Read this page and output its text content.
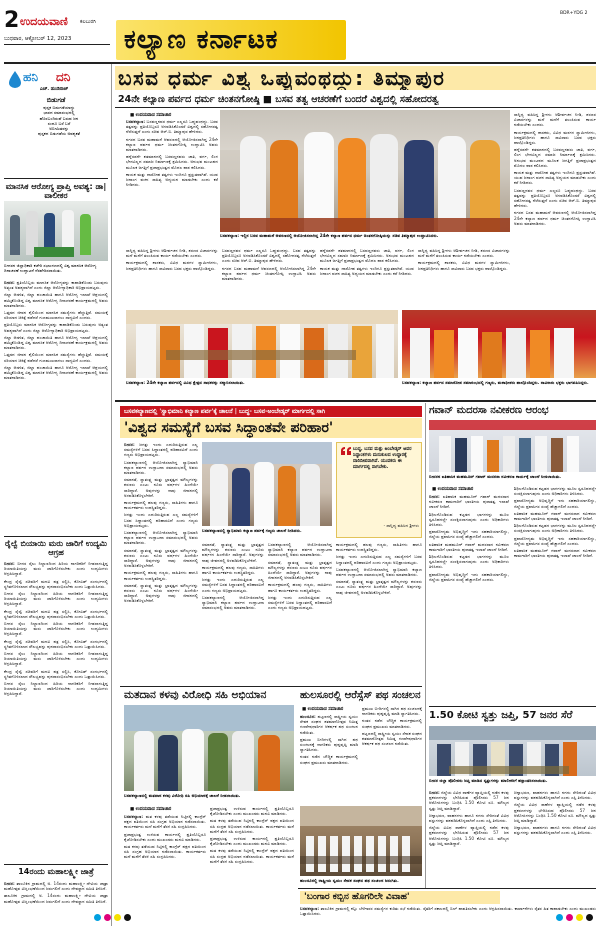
2 ಉದಯವಾಣಿ ಕಲಬುರಗಿ
ಬುಧವಾರ, ಆಕ್ಟೋಬರ್ 12, 2023 ಕಲ್ಯಾಣ ಕರ್ನಾಟಕ
BDR+YDG 2
ಹನಿ ದನಿ
ಎಚ್. ಡುಂಡಿರಾಜ್
ಬಿಡುಗಡೆ
ಪುಸ್ತಕ ಬಿಡುಗಡೆಯಾದ್ದು
ಭಾರದ ಸಮಾರಂಭದಲ್ಲಿ
ಹೊರಬಂದಿರುವೆ ಬರುವ ಜನ
ಸಂದೂ ಬರೆ ಬರೆ
ಅಬೀಮಿತರನ್ನು
ಪುಸ್ತಕದ ಬಿಡುಗಡೆಯ ಅವಶ್ಯಕತೆ
ಮಾನಸಿಕ ಆರೋಗ್ಯ ಪ್ರಾಪ್ತಿ ಅವಶ್ಯ: ಡಾ| ವಾಲೀಕರ
ಬೀದರನ ಜಿಲ್ಲಾಧಿಕಾರಿ ಕಚೇರಿ ಸಭಾಂಗಣದಲ್ಲಿ ವಿಶ್ವ ಮಾನಸಿಕ ಆರೋಗ್ಯ ದಿನಾಚರಣೆ ಉದ್ಘಾಟನೆ ನೆರವೇರಿಸಲಾಯಿತು.

ಬೀದರ: ಪ್ರತಿಯೊಬ್ಬರು ಮಾನಸಿಕ ಆರೋಗ್ಯವನ್ನು ಕಾಪಾಡಿಕೊಂಡು ಬರುವುದು ಅತ್ಯಂತ ಅವಶ್ಯವಾಗಿದೆ ಎಂದು ಜಿಲ್ಲಾ ಆರೋಗ್ಯಾಧಿಕಾರಿ ಅಭಿಪ್ರಾಯಪಟ್ಟರು.

ಜಿಲ್ಲಾ ಆಡಳಿತ, ಜಿಲ್ಲಾ ಪಂಚಾಯಿತಿ ಹಾಗೂ ಆರೋಗ್ಯ ಇಲಾಖೆ ಆಶ್ರಯದಲ್ಲಿ ಹಮ್ಮಿಕೊಂಡಿದ್ದ ವಿಶ್ವ ಮಾನಸಿಕ ಆರೋಗ್ಯ ದಿನಾಚರಣೆ ಕಾರ್ಯಕ್ರಮದಲ್ಲಿ ಅವರು ಮಾತನಾಡಿದರು.

ಒತ್ತಡದ ಜೀವನ ಶೈಲಿಯಿಂದ ಮಾನಸಿಕ ಸಮಸ್ಯೆಗಳು ಹೆಚ್ಚುತ್ತಿವೆ. ಸಮಯಕ್ಕೆ ಸರಿಯಾದ ಚಿಕಿತ್ಸೆ ಪಡೆದರೆ ಗುಣಮುಖರಾಗಲು ಸಾಧ್ಯವಿದೆ ಎಂದರು.

ಪ್ರತಿಯೊಬ್ಬರು ಮಾನಸಿಕ ಆರೋಗ್ಯವನ್ನು ಕಾಪಾಡಿಕೊಂಡು ಬರುವುದು ಅತ್ಯಂತ ಅವಶ್ಯವಾಗಿದೆ ಎಂದು ಜಿಲ್ಲಾ ಆರೋಗ್ಯಾಧಿಕಾರಿ ಅಭಿಪ್ರಾಯಪಟ್ಟರು.

ಜಿಲ್ಲಾ ಆಡಳಿತ, ಜಿಲ್ಲಾ ಪಂಚಾಯಿತಿ ಹಾಗೂ ಆರೋಗ್ಯ ಇಲಾಖೆ ಆಶ್ರಯದಲ್ಲಿ ಹಮ್ಮಿಕೊಂಡಿದ್ದ ವಿಶ್ವ ಮಾನಸಿಕ ಆರೋಗ್ಯ ದಿನಾಚರಣೆ ಕಾರ್ಯಕ್ರಮದಲ್ಲಿ ಅವರು ಮಾತನಾಡಿದರು.

ಒತ್ತಡದ ಜೀವನ ಶೈಲಿಯಿಂದ ಮಾನಸಿಕ ಸಮಸ್ಯೆಗಳು ಹೆಚ್ಚುತ್ತಿವೆ. ಸಮಯಕ್ಕೆ ಸರಿಯಾದ ಚಿಕಿತ್ಸೆ ಪಡೆದರೆ ಗುಣಮುಖರಾಗಲು ಸಾಧ್ಯವಿದೆ ಎಂದರು.

ಜಿಲ್ಲಾ ಆಡಳಿತ, ಜಿಲ್ಲಾ ಪಂಚಾಯಿತಿ ಹಾಗೂ ಆರೋಗ್ಯ ಇಲಾಖೆ ಆಶ್ರಯದಲ್ಲಿ ಹಮ್ಮಿಕೊಂಡಿದ್ದ ವಿಶ್ವ ಮಾನಸಿಕ ಆರೋಗ್ಯ ದಿನಾಚರಣೆ ಕಾರ್ಯಕ್ರಮದಲ್ಲಿ ಅವರು ಮಾತನಾಡಿದರು.

ರೈಲ್ವೆ ಬಿಯಾಯಿ ಮರು ಜಾರಿಗೆ ಉದ್ಯಮಿ ಆಗ್ರಹ

ಬೀದರ: ಬೀದರ ರೈಲು ನಿಲ್ದಾಣದಿಂದ ಹಿರಿಯ ನಾಗರಿಕರಿಗೆ ನೀಡಲಾಗುತ್ತಿದ್ದ ರಿಯಾಯಿತಿಯನ್ನು ಮರು ಜಾರಿಗೊಳಿಸಬೇಕು ಎಂದು ಉದ್ಯಮಿಗಳು ಆಗ್ರಹಿಸಿದ್ದಾರೆ.

ಕೇಂದ್ರ ರೈಲ್ವೆ ಸಚಿವರಿಗೆ ಮನವಿ ಪತ್ರ ಸಲ್ಲಿಸಿ, ಕೋವಿಡ್ ಸಂದರ್ಭದಲ್ಲಿ ಸ್ಥಗಿತಗೊಳಿಸಲಾದ ಸೌಲಭ್ಯವನ್ನು ಪುನರಾರಂಭಿಸಬೇಕು ಎಂದು ಒತ್ತಾಯಿಸಿದರು.

ಬೀದರ ರೈಲು ನಿಲ್ದಾಣದಿಂದ ಹಿರಿಯ ನಾಗರಿಕರಿಗೆ ನೀಡಲಾಗುತ್ತಿದ್ದ ರಿಯಾಯಿತಿಯನ್ನು ಮರು ಜಾರಿಗೊಳಿಸಬೇಕು ಎಂದು ಉದ್ಯಮಿಗಳು ಆಗ್ರಹಿಸಿದ್ದಾರೆ.

ಕೇಂದ್ರ ರೈಲ್ವೆ ಸಚಿವರಿಗೆ ಮನವಿ ಪತ್ರ ಸಲ್ಲಿಸಿ, ಕೋವಿಡ್ ಸಂದರ್ಭದಲ್ಲಿ ಸ್ಥಗಿತಗೊಳಿಸಲಾದ ಸೌಲಭ್ಯವನ್ನು ಪುನರಾರಂಭಿಸಬೇಕು ಎಂದು ಒತ್ತಾಯಿಸಿದರು.

ಬೀದರ ರೈಲು ನಿಲ್ದಾಣದಿಂದ ಹಿರಿಯ ನಾಗರಿಕರಿಗೆ ನೀಡಲಾಗುತ್ತಿದ್ದ ರಿಯಾಯಿತಿಯನ್ನು ಮರು ಜಾರಿಗೊಳಿಸಬೇಕು ಎಂದು ಉದ್ಯಮಿಗಳು ಆಗ್ರಹಿಸಿದ್ದಾರೆ.

ಕೇಂದ್ರ ರೈಲ್ವೆ ಸಚಿವರಿಗೆ ಮನವಿ ಪತ್ರ ಸಲ್ಲಿಸಿ, ಕೋವಿಡ್ ಸಂದರ್ಭದಲ್ಲಿ ಸ್ಥಗಿತಗೊಳಿಸಲಾದ ಸೌಲಭ್ಯವನ್ನು ಪುನರಾರಂಭಿಸಬೇಕು ಎಂದು ಒತ್ತಾಯಿಸಿದರು.

ಬೀದರ ರೈಲು ನಿಲ್ದಾಣದಿಂದ ಹಿರಿಯ ನಾಗರಿಕರಿಗೆ ನೀಡಲಾಗುತ್ತಿದ್ದ ರಿಯಾಯಿತಿಯನ್ನು ಮರು ಜಾರಿಗೊಳಿಸಬೇಕು ಎಂದು ಉದ್ಯಮಿಗಳು ಆಗ್ರಹಿಸಿದ್ದಾರೆ.

ಕೇಂದ್ರ ರೈಲ್ವೆ ಸಚಿವರಿಗೆ ಮನವಿ ಪತ್ರ ಸಲ್ಲಿಸಿ, ಕೋವಿಡ್ ಸಂದರ್ಭದಲ್ಲಿ ಸ್ಥಗಿತಗೊಳಿಸಲಾದ ಸೌಲಭ್ಯವನ್ನು ಪುನರಾರಂಭಿಸಬೇಕು ಎಂದು ಒತ್ತಾಯಿಸಿದರು.

ಬೀದರ ರೈಲು ನಿಲ್ದಾಣದಿಂದ ಹಿರಿಯ ನಾಗರಿಕರಿಗೆ ನೀಡಲಾಗುತ್ತಿದ್ದ ರಿಯಾಯಿತಿಯನ್ನು ಮರು ಜಾರಿಗೊಳಿಸಬೇಕು ಎಂದು ಉದ್ಯಮಿಗಳು ಆಗ್ರಹಿಸಿದ್ದಾರೆ.

14ರಂದು ಮಹಾಲಕ್ಷ್ಮೀ ಜಾತ್ರೆ

ಬೀದರ: ತಾಲೂಕಿನ ಗ್ರಾಮದಲ್ಲಿ ಅ. 14ರಂದು ಮಹಾಲಕ್ಷ್ಮೀ ದೇವಿಯ ಜಾತ್ರಾ ಮಹೋತ್ಸವ ವಿಜೃಂಭಣೆಯಿಂದ ಜರುಗಲಿದೆ ಎಂದು ದೇವಸ್ಥಾನ ಸಮಿತಿ ತಿಳಿಸಿದೆ.

ತಾಲೂಕಿನ ಗ್ರಾಮದಲ್ಲಿ ಅ. 14ರಂದು ಮಹಾಲಕ್ಷ್ಮೀ ದೇವಿಯ ಜಾತ್ರಾ ಮಹೋತ್ಸವ ವಿಜೃಂಭಣೆಯಿಂದ ಜರುಗಲಿದೆ ಎಂದು ದೇವಸ್ಥಾನ ಸಮಿತಿ ತಿಳಿಸಿದೆ.

ಬಸವ ಧರ್ಮ ವಿಶ್ವ ಒಪ್ಪುವಂಥದ್ದು: ತಿಮ್ಮಾಪುರ
24ನೇ ಕಲ್ಯಾಣ ಪರ್ವದ ಧರ್ಮ ಚಿಂತನಗೋಷ್ಠಿ ■ ಬಸವ ತತ್ವ ಆಚರಣೆಗೆ ಬಂದರೆ ವಿಶ್ವದಲ್ಲಿ ಸಹೋದರತ್ವ
■ ಉದಯವಾಣಿ ಸಮಾಚಾರ

ಬಸವಕಲ್ಯಾಣ: ಬಸವಣ್ಣನವರ ಧರ್ಮ ಎಲ್ಲರೂ ಒಪ್ಪುವಂಥದ್ದು. ಬಸವ ತತ್ವವನ್ನು ಪ್ರತಿಯೊಬ್ಬರೂ ಅಳವಡಿಸಿಕೊಂಡರೆ ವಿಶ್ವದಲ್ಲಿ ಸಹೋದರತ್ವ ನೆಲೆಸುತ್ತದೆ ಎಂದು ಸಚಿವ ಆರ್.ಬಿ. ತಿಮ್ಮಾಪುರ ಹೇಳಿದರು.

ನಗರದ ಬಸವ ಮಹಾಮನೆ ಆವರಣದಲ್ಲಿ ಆಯೋಜಿಸಲಾಗಿದ್ದ 24ನೇ ಕಲ್ಯಾಣ ಪರ್ವದ ಧರ್ಮ ಚಿಂತನಗೋಷ್ಠಿ ಉದ್ಘಾಟಿಸಿ ಅವರು ಮಾತನಾಡಿದರು.

ಹನ್ನೆರಡನೇ ಶತಮಾನದಲ್ಲಿ ಬಸವಣ್ಣನವರು ಜಾತಿ, ವರ್ಗ, ಲಿಂಗ ಭೇದವಿಲ್ಲದ ಸಮಾಜ ನಿರ್ಮಾಣಕ್ಕೆ ಶ್ರಮಿಸಿದರು. ಅನುಭವ ಮಂಟಪದ ಮೂಲಕ ಜಗತ್ತಿಗೆ ಪ್ರಜಾಪ್ರಭುತ್ವದ ಮೊದಲ ಪಾಠ ಕಲಿಸಿದರು.

ಕಾಯಕ ಮತ್ತು ದಾಸೋಹ ತತ್ವಗಳು ಇಂದಿಗೂ ಪ್ರಸ್ತುತವಾಗಿವೆ. ಯುವ ಜನಾಂಗ ವಚನ ಸಾಹಿತ್ಯ ಅಧ್ಯಯನ ಮಾಡಬೇಕು ಎಂದು ಕರೆ ನೀಡಿದರು.

ಸಾನ್ನಿಧ್ಯ ವಹಿಸಿದ್ದ ಶ್ರೀಗಳು ಆಶೀರ್ವಚನ ನೀಡಿ, ಶರಣರ ವಿಚಾರಗಳನ್ನು ಮನೆ ಮನೆಗೆ ತಲುಪಿಸುವ ಕಾರ್ಯ ನಡೆಯಬೇಕು ಎಂದರು.

ಕಾರ್ಯಕ್ರಮದಲ್ಲಿ ಶಾಸಕರು, ವಿವಿಧ ಮಠಗಳ ಸ್ವಾಮೀಜಿಗಳು, ಜನಪ್ರತಿನಿಧಿಗಳು ಹಾಗೂ ಸಾವಿರಾರು ಬಸವ ಭಕ್ತರು ಪಾಲ್ಗೊಂಡಿದ್ದರು.

ಹನ್ನೆರಡನೇ ಶತಮಾನದಲ್ಲಿ ಬಸವಣ್ಣನವರು ಜಾತಿ, ವರ್ಗ, ಲಿಂಗ ಭೇದವಿಲ್ಲದ ಸಮಾಜ ನಿರ್ಮಾಣಕ್ಕೆ ಶ್ರಮಿಸಿದರು. ಅನುಭವ ಮಂಟಪದ ಮೂಲಕ ಜಗತ್ತಿಗೆ ಪ್ರಜಾಪ್ರಭುತ್ವದ ಮೊದಲ ಪಾಠ ಕಲಿಸಿದರು.

ಕಾಯಕ ಮತ್ತು ದಾಸೋಹ ತತ್ವಗಳು ಇಂದಿಗೂ ಪ್ರಸ್ತುತವಾಗಿವೆ. ಯುವ ಜನಾಂಗ ವಚನ ಸಾಹಿತ್ಯ ಅಧ್ಯಯನ ಮಾಡಬೇಕು ಎಂದು ಕರೆ ನೀಡಿದರು.

ಬಸವಣ್ಣನವರ ಧರ್ಮ ಎಲ್ಲರೂ ಒಪ್ಪುವಂಥದ್ದು. ಬಸವ ತತ್ವವನ್ನು ಪ್ರತಿಯೊಬ್ಬರೂ ಅಳವಡಿಸಿಕೊಂಡರೆ ವಿಶ್ವದಲ್ಲಿ ಸಹೋದರತ್ವ ನೆಲೆಸುತ್ತದೆ ಎಂದು ಸಚಿವ ಆರ್.ಬಿ. ತಿಮ್ಮಾಪುರ ಹೇಳಿದರು.

ನಗರದ ಬಸವ ಮಹಾಮನೆ ಆವರಣದಲ್ಲಿ ಆಯೋಜಿಸಲಾಗಿದ್ದ 24ನೇ ಕಲ್ಯಾಣ ಪರ್ವದ ಧರ್ಮ ಚಿಂತನಗೋಷ್ಠಿ ಉದ್ಘಾಟಿಸಿ ಅವರು ಮಾತನಾಡಿದರು.

ಬಸವಕಲ್ಯಾಣ: ಇಲ್ಲಿನ ಬಸವ ಮಹಾಮನೆ ಆವರಣದಲ್ಲಿ ಆಯೋಜಿಸಲಾಗಿದ್ದ 24ನೇ ಕಲ್ಯಾಣ ಪರ್ವದ ಧರ್ಮ ಚಿಂತನಗೋಷ್ಠಿಯನ್ನು ಸಚಿವ ತಿಮ್ಮಾಪುರ ಉದ್ಘಾಟಿಸಿದರು.

ಸಾನ್ನಿಧ್ಯ ವಹಿಸಿದ್ದ ಶ್ರೀಗಳು ಆಶೀರ್ವಚನ ನೀಡಿ, ಶರಣರ ವಿಚಾರಗಳನ್ನು ಮನೆ ಮನೆಗೆ ತಲುಪಿಸುವ ಕಾರ್ಯ ನಡೆಯಬೇಕು ಎಂದರು.

ಕಾರ್ಯಕ್ರಮದಲ್ಲಿ ಶಾಸಕರು, ವಿವಿಧ ಮಠಗಳ ಸ್ವಾಮೀಜಿಗಳು, ಜನಪ್ರತಿನಿಧಿಗಳು ಹಾಗೂ ಸಾವಿರಾರು ಬಸವ ಭಕ್ತರು ಪಾಲ್ಗೊಂಡಿದ್ದರು.

ಬಸವಣ್ಣನವರ ಧರ್ಮ ಎಲ್ಲರೂ ಒಪ್ಪುವಂಥದ್ದು. ಬಸವ ತತ್ವವನ್ನು ಪ್ರತಿಯೊಬ್ಬರೂ ಅಳವಡಿಸಿಕೊಂಡರೆ ವಿಶ್ವದಲ್ಲಿ ಸಹೋದರತ್ವ ನೆಲೆಸುತ್ತದೆ ಎಂದು ಸಚಿವ ಆರ್.ಬಿ. ತಿಮ್ಮಾಪುರ ಹೇಳಿದರು.

ನಗರದ ಬಸವ ಮಹಾಮನೆ ಆವರಣದಲ್ಲಿ ಆಯೋಜಿಸಲಾಗಿದ್ದ 24ನೇ ಕಲ್ಯಾಣ ಪರ್ವದ ಧರ್ಮ ಚಿಂತನಗೋಷ್ಠಿ ಉದ್ಘಾಟಿಸಿ ಅವರು ಮಾತನಾಡಿದರು.

ಹನ್ನೆರಡನೇ ಶತಮಾನದಲ್ಲಿ ಬಸವಣ್ಣನವರು ಜಾತಿ, ವರ್ಗ, ಲಿಂಗ ಭೇದವಿಲ್ಲದ ಸಮಾಜ ನಿರ್ಮಾಣಕ್ಕೆ ಶ್ರಮಿಸಿದರು. ಅನುಭವ ಮಂಟಪದ ಮೂಲಕ ಜಗತ್ತಿಗೆ ಪ್ರಜಾಪ್ರಭುತ್ವದ ಮೊದಲ ಪಾಠ ಕಲಿಸಿದರು.

ಕಾಯಕ ಮತ್ತು ದಾಸೋಹ ತತ್ವಗಳು ಇಂದಿಗೂ ಪ್ರಸ್ತುತವಾಗಿವೆ. ಯುವ ಜನಾಂಗ ವಚನ ಸಾಹಿತ್ಯ ಅಧ್ಯಯನ ಮಾಡಬೇಕು ಎಂದು ಕರೆ ನೀಡಿದರು.

ಸಾನ್ನಿಧ್ಯ ವಹಿಸಿದ್ದ ಶ್ರೀಗಳು ಆಶೀರ್ವಚನ ನೀಡಿ, ಶರಣರ ವಿಚಾರಗಳನ್ನು ಮನೆ ಮನೆಗೆ ತಲುಪಿಸುವ ಕಾರ್ಯ ನಡೆಯಬೇಕು ಎಂದರು.

ಕಾರ್ಯಕ್ರಮದಲ್ಲಿ ಶಾಸಕರು, ವಿವಿಧ ಮಠಗಳ ಸ್ವಾಮೀಜಿಗಳು, ಜನಪ್ರತಿನಿಧಿಗಳು ಹಾಗೂ ಸಾವಿರಾರು ಬಸವ ಭಕ್ತರು ಪಾಲ್ಗೊಂಡಿದ್ದರು.

ಬಸವಕಲ್ಯಾಣ: 24ನೇ ಕಲ್ಯಾಣ ಪರ್ವದಲ್ಲಿ ವಿವಿಧ ಕ್ಷೇತ್ರದ ಸಾಧಕರನ್ನು ಸನ್ಮಾನಿಸಲಾಯಿತು.	ಬಸವಕಲ್ಯಾಣ: ಕಲ್ಯಾಣ ಪರ್ವದ ಸಮಾರೋಪ ಸಮಾರಂಭದಲ್ಲಿ ಗಣ್ಯರು, ಮಠಾಧೀಶರು ಪಾಲ್ಗೊಂಡಿದ್ದರು. ಸಾವಿರಾರು ಭಕ್ತರು ಭಾಗವಹಿಸಿದ್ದರು.
ಬಸವಕಲ್ಯಾಣದಲ್ಲಿ 'ಸ್ವಾಭಿಮಾನಿ ಕಲ್ಯಾಣ ಪರ್ವ'ಕ್ಕೆ ಚಾಲನೆ | ಬುದ್ಧ- ಬಸವ-ಅಂಬೇಡ್ಕರ್ ಮಾರ್ಗದಲ್ಲಿ ಸಾಗಿ
'ವಿಶ್ವದ ಸಮಸ್ಯೆಗೆ ಬಸವ ಸಿದ್ಧಾಂತವೇ ಪರಿಹಾರ'

ಬೀದರ: ಜಗತ್ತು ಇಂದು ಎದುರಿಸುತ್ತಿರುವ ಎಲ್ಲ ಸಮಸ್ಯೆಗಳಿಗೆ ಬಸವ ಸಿದ್ಧಾಂತದಲ್ಲಿ ಪರಿಹಾರವಿದೆ ಎಂದು ಗಣ್ಯರು ಅಭಿಪ್ರಾಯಪಟ್ಟರು.

ಬಸವಕಲ್ಯಾಣದಲ್ಲಿ ಆಯೋಜಿಸಲಾಗಿದ್ದ ಸ್ವಾಭಿಮಾನಿ ಕಲ್ಯಾಣ ಪರ್ವದ ಉದ್ಘಾಟನಾ ಸಮಾರಂಭದಲ್ಲಿ ಅವರು ಮಾತನಾಡಿದರು.

ಸಮಾನತೆ, ಸ್ವಾತಂತ್ರ್ಯ ಮತ್ತು ಭ್ರಾತೃತ್ವದ ಮೌಲ್ಯಗಳನ್ನು ಶರಣರು ಎಂಟು ನೂರು ವರ್ಷಗಳ ಹಿಂದೆಯೇ ಸಾರಿದ್ದಾರೆ. ಅವುಗಳನ್ನು ನಾವು ಜೀವನದಲ್ಲಿ ಅಳವಡಿಸಿಕೊಳ್ಳಬೇಕಿದೆ.

ಕಾರ್ಯಕ್ರಮದಲ್ಲಿ ಹಲವು ಗಣ್ಯರು, ಸಾಹಿತಿಗಳು ಹಾಗೂ ಕಾರ್ಯಕರ್ತರು ಉಪಸ್ಥಿತರಿದ್ದರು.

ಜಗತ್ತು ಇಂದು ಎದುರಿಸುತ್ತಿರುವ ಎಲ್ಲ ಸಮಸ್ಯೆಗಳಿಗೆ ಬಸವ ಸಿದ್ಧಾಂತದಲ್ಲಿ ಪರಿಹಾರವಿದೆ ಎಂದು ಗಣ್ಯರು ಅಭಿಪ್ರಾಯಪಟ್ಟರು.

ಬಸವಕಲ್ಯಾಣದಲ್ಲಿ ಆಯೋಜಿಸಲಾಗಿದ್ದ ಸ್ವಾಭಿಮಾನಿ ಕಲ್ಯಾಣ ಪರ್ವದ ಉದ್ಘಾಟನಾ ಸಮಾರಂಭದಲ್ಲಿ ಅವರು ಮಾತನಾಡಿದರು.

ಸಮಾನತೆ, ಸ್ವಾತಂತ್ರ್ಯ ಮತ್ತು ಭ್ರಾತೃತ್ವದ ಮೌಲ್ಯಗಳನ್ನು ಶರಣರು ಎಂಟು ನೂರು ವರ್ಷಗಳ ಹಿಂದೆಯೇ ಸಾರಿದ್ದಾರೆ. ಅವುಗಳನ್ನು ನಾವು ಜೀವನದಲ್ಲಿ ಅಳವಡಿಸಿಕೊಳ್ಳಬೇಕಿದೆ.

ಕಾರ್ಯಕ್ರಮದಲ್ಲಿ ಹಲವು ಗಣ್ಯರು, ಸಾಹಿತಿಗಳು ಹಾಗೂ ಕಾರ್ಯಕರ್ತರು ಉಪಸ್ಥಿತರಿದ್ದರು.

ಸಮಾನತೆ, ಸ್ವಾತಂತ್ರ್ಯ ಮತ್ತು ಭ್ರಾತೃತ್ವದ ಮೌಲ್ಯಗಳನ್ನು ಶರಣರು ಎಂಟು ನೂರು ವರ್ಷಗಳ ಹಿಂದೆಯೇ ಸಾರಿದ್ದಾರೆ. ಅವುಗಳನ್ನು ನಾವು ಜೀವನದಲ್ಲಿ ಅಳವಡಿಸಿಕೊಳ್ಳಬೇಕಿದೆ.

ಬಸವಕಲ್ಯಾಣದಲ್ಲಿ ಸ್ವಾಭಿಮಾನಿ ಕಲ್ಯಾಣ ಪರ್ವಕ್ಕೆ ಗಣ್ಯರು ಚಾಲನೆ ನೀಡಿದರು.
ಬುದ್ಧ, ಬಸವ ಮತ್ತು ಅಂಬೇಡ್ಕರ್ ಅವರ ಸಿದ್ಧಾಂತಗಳು ಮನುಕುಲದ ಉದ್ಧಾರಕ್ಕೆ ದಾರಿದೀಪವಾಗಿವೆ. ಯುವಕರು ಈ ಮಾರ್ಗದಲ್ಲಿ ಸಾಗಬೇಕು.
- ಸಾನ್ನಿಧ್ಯ ವಹಿಸಿದ ಶ್ರೀಗಳು

ಸಮಾನತೆ, ಸ್ವಾತಂತ್ರ್ಯ ಮತ್ತು ಭ್ರಾತೃತ್ವದ ಮೌಲ್ಯಗಳನ್ನು ಶರಣರು ಎಂಟು ನೂರು ವರ್ಷಗಳ ಹಿಂದೆಯೇ ಸಾರಿದ್ದಾರೆ. ಅವುಗಳನ್ನು ನಾವು ಜೀವನದಲ್ಲಿ ಅಳವಡಿಸಿಕೊಳ್ಳಬೇಕಿದೆ.

ಕಾರ್ಯಕ್ರಮದಲ್ಲಿ ಹಲವು ಗಣ್ಯರು, ಸಾಹಿತಿಗಳು ಹಾಗೂ ಕಾರ್ಯಕರ್ತರು ಉಪಸ್ಥಿತರಿದ್ದರು.

ಜಗತ್ತು ಇಂದು ಎದುರಿಸುತ್ತಿರುವ ಎಲ್ಲ ಸಮಸ್ಯೆಗಳಿಗೆ ಬಸವ ಸಿದ್ಧಾಂತದಲ್ಲಿ ಪರಿಹಾರವಿದೆ ಎಂದು ಗಣ್ಯರು ಅಭಿಪ್ರಾಯಪಟ್ಟರು.

ಬಸವಕಲ್ಯಾಣದಲ್ಲಿ ಆಯೋಜಿಸಲಾಗಿದ್ದ ಸ್ವಾಭಿಮಾನಿ ಕಲ್ಯಾಣ ಪರ್ವದ ಉದ್ಘಾಟನಾ ಸಮಾರಂಭದಲ್ಲಿ ಅವರು ಮಾತನಾಡಿದರು.

ಬಸವಕಲ್ಯಾಣದಲ್ಲಿ ಆಯೋಜಿಸಲಾಗಿದ್ದ ಸ್ವಾಭಿಮಾನಿ ಕಲ್ಯಾಣ ಪರ್ವದ ಉದ್ಘಾಟನಾ ಸಮಾರಂಭದಲ್ಲಿ ಅವರು ಮಾತನಾಡಿದರು.

ಸಮಾನತೆ, ಸ್ವಾತಂತ್ರ್ಯ ಮತ್ತು ಭ್ರಾತೃತ್ವದ ಮೌಲ್ಯಗಳನ್ನು ಶರಣರು ಎಂಟು ನೂರು ವರ್ಷಗಳ ಹಿಂದೆಯೇ ಸಾರಿದ್ದಾರೆ. ಅವುಗಳನ್ನು ನಾವು ಜೀವನದಲ್ಲಿ ಅಳವಡಿಸಿಕೊಳ್ಳಬೇಕಿದೆ.

ಕಾರ್ಯಕ್ರಮದಲ್ಲಿ ಹಲವು ಗಣ್ಯರು, ಸಾಹಿತಿಗಳು ಹಾಗೂ ಕಾರ್ಯಕರ್ತರು ಉಪಸ್ಥಿತರಿದ್ದರು.

ಜಗತ್ತು ಇಂದು ಎದುರಿಸುತ್ತಿರುವ ಎಲ್ಲ ಸಮಸ್ಯೆಗಳಿಗೆ ಬಸವ ಸಿದ್ಧಾಂತದಲ್ಲಿ ಪರಿಹಾರವಿದೆ ಎಂದು ಗಣ್ಯರು ಅಭಿಪ್ರಾಯಪಟ್ಟರು.

ಕಾರ್ಯಕ್ರಮದಲ್ಲಿ ಹಲವು ಗಣ್ಯರು, ಸಾಹಿತಿಗಳು ಹಾಗೂ ಕಾರ್ಯಕರ್ತರು ಉಪಸ್ಥಿತರಿದ್ದರು.

ಜಗತ್ತು ಇಂದು ಎದುರಿಸುತ್ತಿರುವ ಎಲ್ಲ ಸಮಸ್ಯೆಗಳಿಗೆ ಬಸವ ಸಿದ್ಧಾಂತದಲ್ಲಿ ಪರಿಹಾರವಿದೆ ಎಂದು ಗಣ್ಯರು ಅಭಿಪ್ರಾಯಪಟ್ಟರು.

ಬಸವಕಲ್ಯಾಣದಲ್ಲಿ ಆಯೋಜಿಸಲಾಗಿದ್ದ ಸ್ವಾಭಿಮಾನಿ ಕಲ್ಯಾಣ ಪರ್ವದ ಉದ್ಘಾಟನಾ ಸಮಾರಂಭದಲ್ಲಿ ಅವರು ಮಾತನಾಡಿದರು.

ಸಮಾನತೆ, ಸ್ವಾತಂತ್ರ್ಯ ಮತ್ತು ಭ್ರಾತೃತ್ವದ ಮೌಲ್ಯಗಳನ್ನು ಶರಣರು ಎಂಟು ನೂರು ವರ್ಷಗಳ ಹಿಂದೆಯೇ ಸಾರಿದ್ದಾರೆ. ಅವುಗಳನ್ನು ನಾವು ಜೀವನದಲ್ಲಿ ಅಳವಡಿಸಿಕೊಳ್ಳಬೇಕಿದೆ.

ಮತದಾನ ಕಳವು ವಿರೋಧಿ ಸಹಿ ಅಭಿಯಾನ
ಬಸವಕಲ್ಯಾಣದಲ್ಲಿ ಮತದಾನ ಕಳವು ವಿರೋಧಿ ಸಹಿ ಅಭಿಯಾನಕ್ಕೆ ಚಾಲನೆ ನೀಡಲಾಯಿತು.
■ ಉದಯವಾಣಿ ಸಮಾಚಾರ

ಬಸವಕಲ್ಯಾಣ: ಮತ ಕಳವು ತಡೆಯುವ ನಿಟ್ಟಿನಲ್ಲಿ ಕಾಂಗ್ರೆಸ್ ಪಕ್ಷದ ವತಿಯಿಂದ ಸಹಿ ಸಂಗ್ರಹ ಅಭಿಯಾನ ನಡೆಸಲಾಯಿತು. ಕಾರ್ಯಕರ್ತರು ಮನೆ ಮನೆಗೆ ತೆರಳಿ ಸಹಿ ಸಂಗ್ರಹಿಸಿದರು.

ಪ್ರಜಾಪ್ರಭುತ್ವ ಉಳಿಸುವ ಕಾರ್ಯದಲ್ಲಿ ಪ್ರತಿಯೊಬ್ಬರೂ ಕೈಜೋಡಿಸಬೇಕು ಎಂದು ಮುಖಂಡರು ಮನವಿ ಮಾಡಿದರು.

ಮತ ಕಳವು ತಡೆಯುವ ನಿಟ್ಟಿನಲ್ಲಿ ಕಾಂಗ್ರೆಸ್ ಪಕ್ಷದ ವತಿಯಿಂದ ಸಹಿ ಸಂಗ್ರಹ ಅಭಿಯಾನ ನಡೆಸಲಾಯಿತು. ಕಾರ್ಯಕರ್ತರು ಮನೆ ಮನೆಗೆ ತೆರಳಿ ಸಹಿ ಸಂಗ್ರಹಿಸಿದರು.

ಪ್ರಜಾಪ್ರಭುತ್ವ ಉಳಿಸುವ ಕಾರ್ಯದಲ್ಲಿ ಪ್ರತಿಯೊಬ್ಬರೂ ಕೈಜೋಡಿಸಬೇಕು ಎಂದು ಮುಖಂಡರು ಮನವಿ ಮಾಡಿದರು.

ಮತ ಕಳವು ತಡೆಯುವ ನಿಟ್ಟಿನಲ್ಲಿ ಕಾಂಗ್ರೆಸ್ ಪಕ್ಷದ ವತಿಯಿಂದ ಸಹಿ ಸಂಗ್ರಹ ಅಭಿಯಾನ ನಡೆಸಲಾಯಿತು. ಕಾರ್ಯಕರ್ತರು ಮನೆ ಮನೆಗೆ ತೆರಳಿ ಸಹಿ ಸಂಗ್ರಹಿಸಿದರು.

ಪ್ರಜಾಪ್ರಭುತ್ವ ಉಳಿಸುವ ಕಾರ್ಯದಲ್ಲಿ ಪ್ರತಿಯೊಬ್ಬರೂ ಕೈಜೋಡಿಸಬೇಕು ಎಂದು ಮುಖಂಡರು ಮನವಿ ಮಾಡಿದರು.

ಮತ ಕಳವು ತಡೆಯುವ ನಿಟ್ಟಿನಲ್ಲಿ ಕಾಂಗ್ರೆಸ್ ಪಕ್ಷದ ವತಿಯಿಂದ ಸಹಿ ಸಂಗ್ರಹ ಅಭಿಯಾನ ನಡೆಸಲಾಯಿತು. ಕಾರ್ಯಕರ್ತರು ಮನೆ ಮನೆಗೆ ತೆರಳಿ ಸಹಿ ಸಂಗ್ರಹಿಸಿದರು.

ಹುಲಸೂರಲ್ಲಿ ಆರೆಸ್ಸೆಸ್ ಪಥ ಸಂಚಲನ
■ ಉದಯವಾಣಿ ಸಮಾಚಾರ

ಹುಲಸೂರ: ಪಟ್ಟಣದಲ್ಲಿ ರಾಷ್ಟ್ರೀಯ ಸ್ವಯಂ ಸೇವಕ ಸಂಘದ ಶತಮಾನೋತ್ಸವ ನಿಮಿತ್ತ ಗಣವೇಷಧಾರಿಗಳ ಆಕರ್ಷಕ ಪಥ ಸಂಚಲನ ನಡೆಯಿತು.

ಪ್ರಮುಖ ಬೀದಿಗಳಲ್ಲಿ ಸಾಗಿದ ಪಥ ಸಂಚಲನಕ್ಕೆ ನಾಗರಿಕರು ಪುಷ್ಪವೃಷ್ಟಿ ಮಾಡಿ ಸ್ವಾಗತಿಸಿದರು.

ನಂತರ ನಡೆದ ಬೌದ್ಧಿಕ ಕಾರ್ಯಕ್ರಮದಲ್ಲಿ ಸಂಘದ ಪ್ರಮುಖರು ಮಾತನಾಡಿದರು.

ಪ್ರಮುಖ ಬೀದಿಗಳಲ್ಲಿ ಸಾಗಿದ ಪಥ ಸಂಚಲನಕ್ಕೆ ನಾಗರಿಕರು ಪುಷ್ಪವೃಷ್ಟಿ ಮಾಡಿ ಸ್ವಾಗತಿಸಿದರು.

ನಂತರ ನಡೆದ ಬೌದ್ಧಿಕ ಕಾರ್ಯಕ್ರಮದಲ್ಲಿ ಸಂಘದ ಪ್ರಮುಖರು ಮಾತನಾಡಿದರು.

ಪಟ್ಟಣದಲ್ಲಿ ರಾಷ್ಟ್ರೀಯ ಸ್ವಯಂ ಸೇವಕ ಸಂಘದ ಶತಮಾನೋತ್ಸವ ನಿಮಿತ್ತ ಗಣವೇಷಧಾರಿಗಳ ಆಕರ್ಷಕ ಪಥ ಸಂಚಲನ ನಡೆಯಿತು.

ಹುಲಸೂರಲ್ಲಿ ರಾಷ್ಟ್ರೀಯ ಸ್ವಯಂ ಸೇವಕ ಸಂಘದ ಪಥ ಸಂಚಲನ ಜರುಗಿತು.
'ಬಂಗಾರ ಕಬ್ಬಿನ ಹೊಗರಿಲೇ ವಿವಾಹ'

ಬಸವಕಲ್ಯಾಣ: ತಾಲೂಕಿನ ಗ್ರಾಮದಲ್ಲಿ ಕಬ್ಬು ಬೆಳೆಗಾರರ ಸಮಸ್ಯೆಗಳ ಕುರಿತು ಸಭೆ ನಡೆಯಿತು. ರೈತರಿಗೆ ಸಕಾಲದಲ್ಲಿ ಬಿಲ್ ಪಾವತಿಸಬೇಕು ಎಂದು ಆಗ್ರಹಿಸಲಾಯಿತು. ಕಾರ್ಖಾನೆಗಳು ರೈತರ ಹಿತ ಕಾಪಾಡಬೇಕು ಎಂದು ಮುಖಂಡರು ಒತ್ತಾಯಿಸಿದರು.

ಗವಾನ್ ಮದರಸಾ ನವೀಕರಣ ಆರಂಭ
ಬೀದರನ ಐತಿಹಾಸಿಕ ಮಹಮೂದ್ ಗವಾನ್ ಮದರಸಾ ನವೀಕರಣ ಕಾರ್ಯಕ್ಕೆ ಚಾಲನೆ ನೀಡಲಾಯಿತು.
■ ಉದಯವಾಣಿ ಸಮಾಚಾರ

ಬೀದರ: ಐತಿಹಾಸಿಕ ಮಹಮೂದ್ ಗವಾನ್ ಮದರಸಾದ ನವೀಕರಣ ಕಾಮಗಾರಿಗೆ ಭಾರತೀಯ ಪುರಾತತ್ವ ಇಲಾಖೆ ಚಾಲನೆ ನೀಡಿದೆ.

ಶಿಥಿಲಗೊಂಡಿರುವ ಕಟ್ಟಡದ ಭಾಗಗಳನ್ನು ಮೂಲ ಸ್ವರೂಪದಲ್ಲೇ ಸಂರಕ್ಷಿಸಲಾಗುವುದು ಎಂದು ಅಧಿಕಾರಿಗಳು ತಿಳಿಸಿದರು.

ಪ್ರವಾಸೋದ್ಯಮ ಅಭಿವೃದ್ಧಿಗೆ ಇದು ಸಹಕಾರಿಯಾಗಲಿದ್ದು, ಜಿಲ್ಲೆಯ ಪ್ರವಾಸಿಗರ ಸಂಖ್ಯೆ ಹೆಚ್ಚಾಗಲಿದೆ ಎಂದರು.

ಐತಿಹಾಸಿಕ ಮಹಮೂದ್ ಗವಾನ್ ಮದರಸಾದ ನವೀಕರಣ ಕಾಮಗಾರಿಗೆ ಭಾರತೀಯ ಪುರಾತತ್ವ ಇಲಾಖೆ ಚಾಲನೆ ನೀಡಿದೆ.

ಶಿಥಿಲಗೊಂಡಿರುವ ಕಟ್ಟಡದ ಭಾಗಗಳನ್ನು ಮೂಲ ಸ್ವರೂಪದಲ್ಲೇ ಸಂರಕ್ಷಿಸಲಾಗುವುದು ಎಂದು ಅಧಿಕಾರಿಗಳು ತಿಳಿಸಿದರು.

ಪ್ರವಾಸೋದ್ಯಮ ಅಭಿವೃದ್ಧಿಗೆ ಇದು ಸಹಕಾರಿಯಾಗಲಿದ್ದು, ಜಿಲ್ಲೆಯ ಪ್ರವಾಸಿಗರ ಸಂಖ್ಯೆ ಹೆಚ್ಚಾಗಲಿದೆ ಎಂದರು.

ಶಿಥಿಲಗೊಂಡಿರುವ ಕಟ್ಟಡದ ಭಾಗಗಳನ್ನು ಮೂಲ ಸ್ವರೂಪದಲ್ಲೇ ಸಂರಕ್ಷಿಸಲಾಗುವುದು ಎಂದು ಅಧಿಕಾರಿಗಳು ತಿಳಿಸಿದರು.

ಪ್ರವಾಸೋದ್ಯಮ ಅಭಿವೃದ್ಧಿಗೆ ಇದು ಸಹಕಾರಿಯಾಗಲಿದ್ದು, ಜಿಲ್ಲೆಯ ಪ್ರವಾಸಿಗರ ಸಂಖ್ಯೆ ಹೆಚ್ಚಾಗಲಿದೆ ಎಂದರು.

ಐತಿಹಾಸಿಕ ಮಹಮೂದ್ ಗವಾನ್ ಮದರಸಾದ ನವೀಕರಣ ಕಾಮಗಾರಿಗೆ ಭಾರತೀಯ ಪುರಾತತ್ವ ಇಲಾಖೆ ಚಾಲನೆ ನೀಡಿದೆ.

ಶಿಥಿಲಗೊಂಡಿರುವ ಕಟ್ಟಡದ ಭಾಗಗಳನ್ನು ಮೂಲ ಸ್ವರೂಪದಲ್ಲೇ ಸಂರಕ್ಷಿಸಲಾಗುವುದು ಎಂದು ಅಧಿಕಾರಿಗಳು ತಿಳಿಸಿದರು.

ಪ್ರವಾಸೋದ್ಯಮ ಅಭಿವೃದ್ಧಿಗೆ ಇದು ಸಹಕಾರಿಯಾಗಲಿದ್ದು, ಜಿಲ್ಲೆಯ ಪ್ರವಾಸಿಗರ ಸಂಖ್ಯೆ ಹೆಚ್ಚಾಗಲಿದೆ ಎಂದರು.

ಐತಿಹಾಸಿಕ ಮಹಮೂದ್ ಗವಾನ್ ಮದರಸಾದ ನವೀಕರಣ ಕಾಮಗಾರಿಗೆ ಭಾರತೀಯ ಪುರಾತತ್ವ ಇಲಾಖೆ ಚಾಲನೆ ನೀಡಿದೆ.

1.50 ಕೋಟಿ ಸ್ವತ್ತು ಜಪ್ತಿ, 57 ಜನರ ಸೆರೆ
ಬೀದರ ಜಿಲ್ಲಾ ಪೊಲೀಸರು ಜಪ್ತಿ ಮಾಡಿದ ಸ್ವತ್ತುಗಳನ್ನು ಮಾಲೀಕರಿಗೆ ಹಸ್ತಾಂತರಿಸಲಾಯಿತು.

ಬೀದರ: ಜಿಲ್ಲೆಯ ವಿವಿಧ ಠಾಣೆಗಳ ವ್ಯಾಪ್ತಿಯಲ್ಲಿ ನಡೆದ ಕಳವು ಪ್ರಕರಣಗಳನ್ನು ಭೇದಿಸಿರುವ ಪೊಲೀಸರು 57 ಜನ ಆರೋಪಿಗಳನ್ನು ಬಂಧಿಸಿ 1.50 ಕೋಟಿ ರೂ. ಮೌಲ್ಯದ ಸ್ವತ್ತು ಜಪ್ತಿ ಮಾಡಿದ್ದಾರೆ.

ಚಿನ್ನಾಭರಣ, ವಾಹನಗಳು ಹಾಗೂ ನಗದು ಸೇರಿದಂತೆ ವಿವಿಧ ವಸ್ತುಗಳನ್ನು ವಶಪಡಿಸಿಕೊಳ್ಳಲಾಗಿದೆ ಎಂದು ಎಸ್ಪಿ ತಿಳಿಸಿದರು.

ಜಿಲ್ಲೆಯ ವಿವಿಧ ಠಾಣೆಗಳ ವ್ಯಾಪ್ತಿಯಲ್ಲಿ ನಡೆದ ಕಳವು ಪ್ರಕರಣಗಳನ್ನು ಭೇದಿಸಿರುವ ಪೊಲೀಸರು 57 ಜನ ಆರೋಪಿಗಳನ್ನು ಬಂಧಿಸಿ 1.50 ಕೋಟಿ ರೂ. ಮೌಲ್ಯದ ಸ್ವತ್ತು ಜಪ್ತಿ ಮಾಡಿದ್ದಾರೆ.

ಚಿನ್ನಾಭರಣ, ವಾಹನಗಳು ಹಾಗೂ ನಗದು ಸೇರಿದಂತೆ ವಿವಿಧ ವಸ್ತುಗಳನ್ನು ವಶಪಡಿಸಿಕೊಳ್ಳಲಾಗಿದೆ ಎಂದು ಎಸ್ಪಿ ತಿಳಿಸಿದರು.

ಜಿಲ್ಲೆಯ ವಿವಿಧ ಠಾಣೆಗಳ ವ್ಯಾಪ್ತಿಯಲ್ಲಿ ನಡೆದ ಕಳವು ಪ್ರಕರಣಗಳನ್ನು ಭೇದಿಸಿರುವ ಪೊಲೀಸರು 57 ಜನ ಆರೋಪಿಗಳನ್ನು ಬಂಧಿಸಿ 1.50 ಕೋಟಿ ರೂ. ಮೌಲ್ಯದ ಸ್ವತ್ತು ಜಪ್ತಿ ಮಾಡಿದ್ದಾರೆ.

ಚಿನ್ನಾಭರಣ, ವಾಹನಗಳು ಹಾಗೂ ನಗದು ಸೇರಿದಂತೆ ವಿವಿಧ ವಸ್ತುಗಳನ್ನು ವಶಪಡಿಸಿಕೊಳ್ಳಲಾಗಿದೆ ಎಂದು ಎಸ್ಪಿ ತಿಳಿಸಿದರು.
